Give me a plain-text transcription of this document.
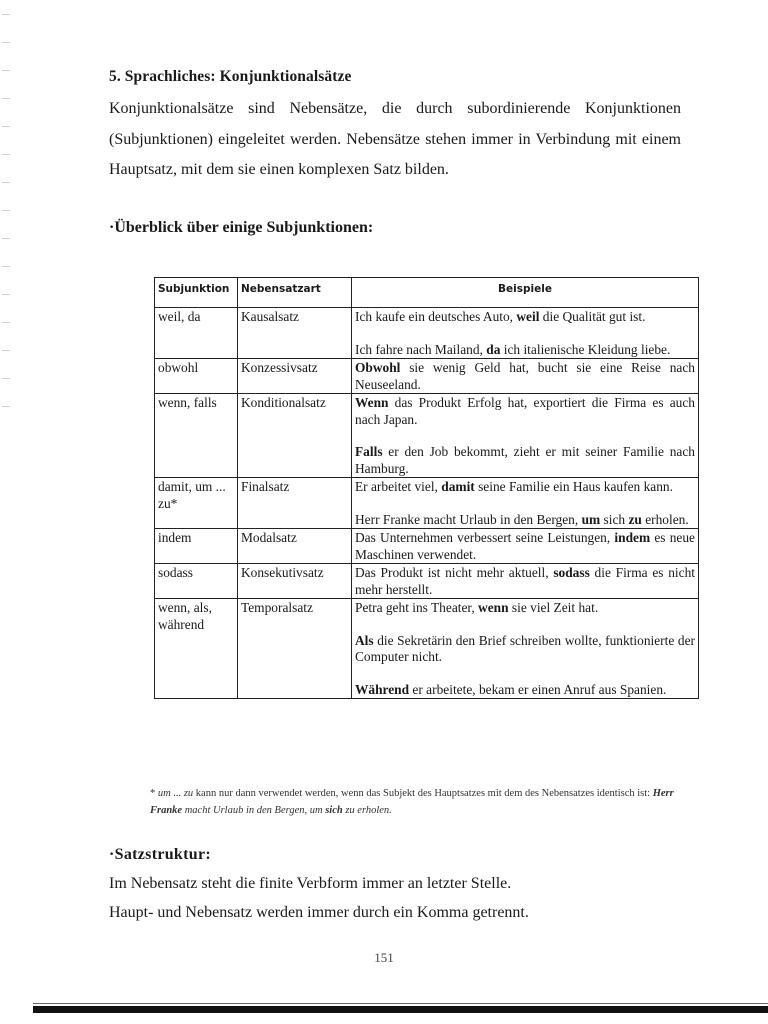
5. Sprachliches: Konjunktionalsätze

Konjunktionalsätze sind Nebensätze, die durch subordinierende Konjunktionen (Subjunktionen) eingeleitet werden. Nebensätze stehen immer in Verbindung mit einem Hauptsatz, mit dem sie einen komplexen Satz bilden.

·Überblick über einige Subjunktionen:
Subjunktion	Nebensatzart	Beispiele
weil, da	Kausalsatz	Ich kaufe ein deutsches Auto, weil die Qualität gut ist.

Ich fahre nach Mailand, da ich italienische Kleidung liebe.

obwohl	Konzessivsatz	Obwohl sie wenig Geld hat, bucht sie eine Reise nach Neuseeland.

wenn, falls	Konditionalsatz	Wenn das Produkt Erfolg hat, exportiert die Firma es auch nach Japan.

Falls er den Job bekommt, zieht er mit seiner Familie nach Hamburg.

damit, um ... zu*	Finalsatz	Er arbeitet viel, damit seine Familie ein Haus kaufen kann.

Herr Franke macht Urlaub in den Bergen, um sich zu erholen.

indem	Modalsatz	Das Unternehmen verbessert seine Leistungen, indem es neue Maschinen verwendet.

sodass	Konsekutivsatz	Das Produkt ist nicht mehr aktuell, sodass die Firma es nicht mehr herstellt.

wenn, als, während	Temporalsatz	Petra geht ins Theater, wenn sie viel Zeit hat.

Als die Sekretärin den Brief schreiben wollte, funktionierte der Computer nicht.

Während er arbeitete, bekam er einen Anruf aus Spanien.

* um ... zu kann nur dann verwendet werden, wenn das Subjekt des Hauptsatzes mit dem des Nebensatzes identisch ist: Herr Franke macht Urlaub in den Bergen, um sich zu erholen.
·Satzstruktur:

Im Nebensatz steht die finite Verbform immer an letzter Stelle.

Haupt- und Nebensatz werden immer durch ein Komma getrennt.

151
